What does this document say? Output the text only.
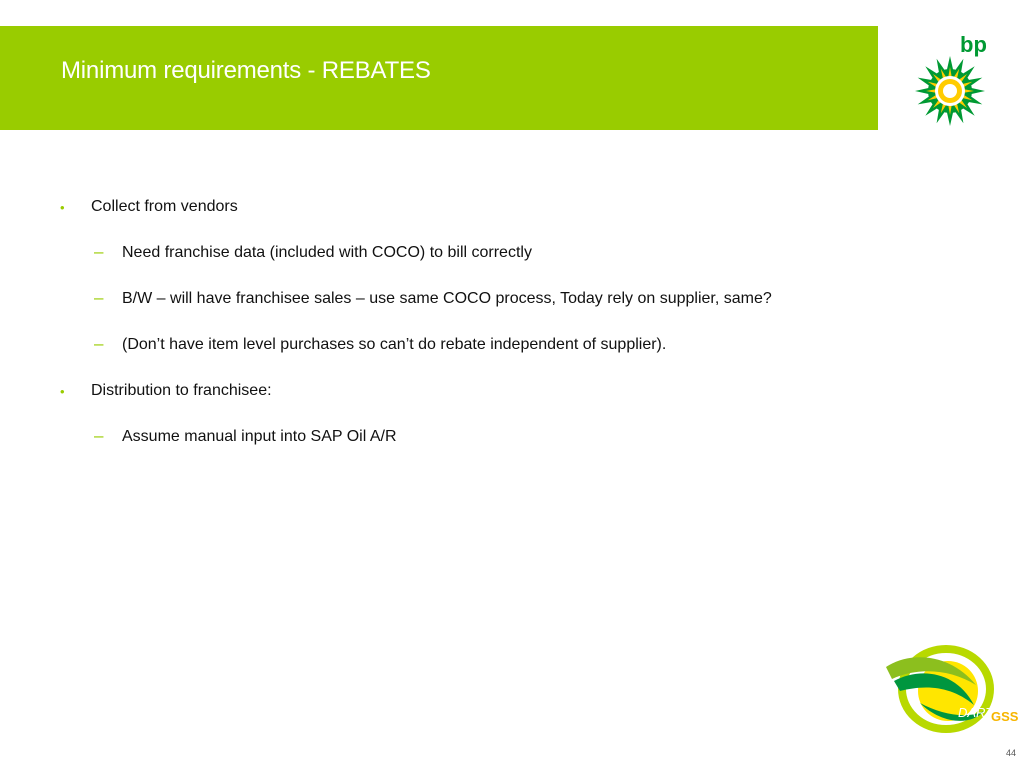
Minimum requirements - REBATES
bp
• Collect from vendors
– Need franchise data (included with COCO) to bill correctly
– B/W – will have franchisee sales – use same COCO process, Today rely on supplier, same?
– (Don’t have item level purchases so can’t do rebate independent of supplier).
• Distribution to franchisee:
– Assume manual input into SAP Oil A/R
DART
GSS
44
